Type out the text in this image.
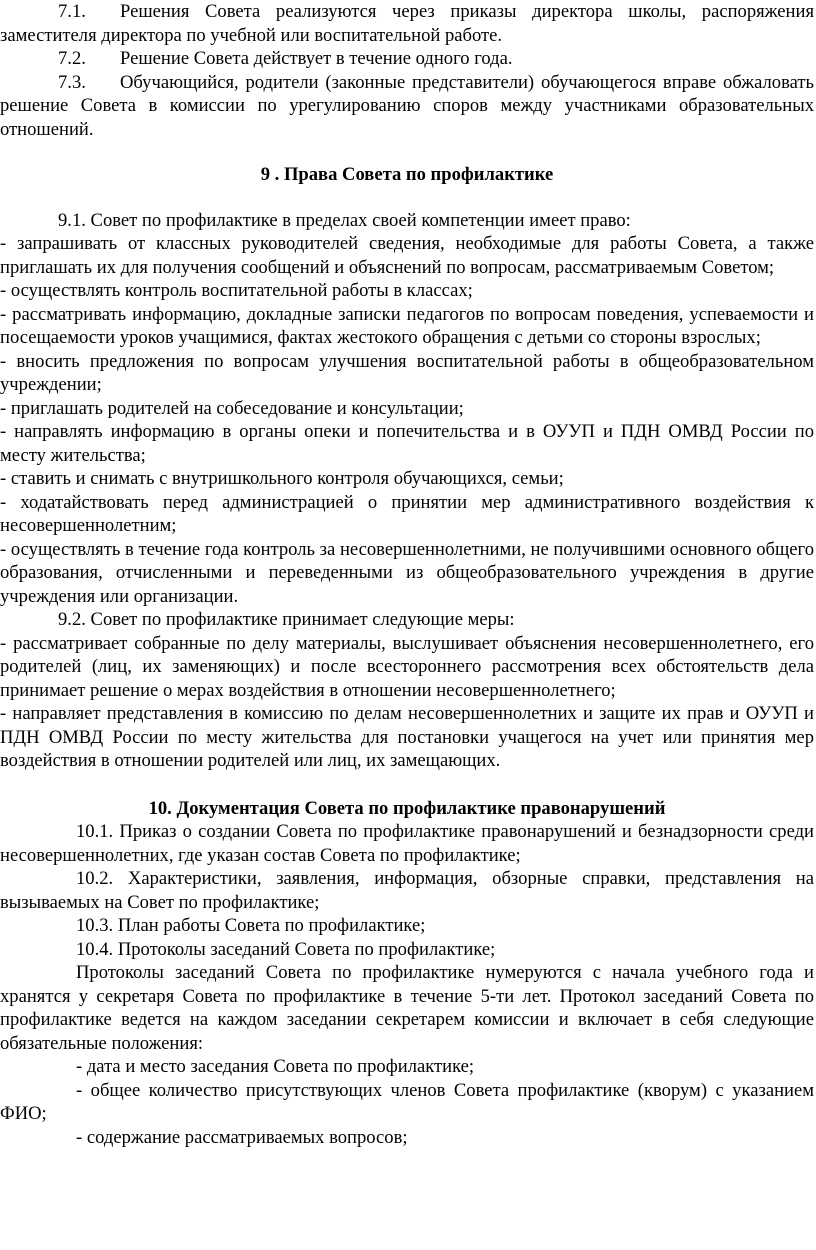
7.1. Решения Совета реализуются через приказы директора школы, распоряжения заместителя директора по учебной или воспитательной работе.

7.2. Решение Совета действует в течение одного года.

7.3. Обучающийся, родители (законные представители) обучающегося вправе обжаловать решение Совета в комиссии по урегулированию споров между участниками образовательных отношений.

9 . Права Совета по профилактике

9.1. Совет по профилактике в пределах своей компетенции имеет право:

- запрашивать от классных руководителей сведения, необходимые для работы Совета, а также приглашать их для получения сообщений и объяснений по вопросам, рассматриваемым Советом;

- осуществлять контроль воспитательной работы в классах;

- рассматривать информацию, докладные записки педагогов по вопросам поведения, успеваемости и посещаемости уроков учащимися, фактах жестокого обращения с детьми со стороны взрослых;

- вносить предложения по вопросам улучшения воспитательной работы в общеобразовательном учреждении;

- приглашать родителей на собеседование и консультации;

- направлять информацию в органы опеки и попечительства и в ОУУП и ПДН ОМВД России по месту жительства;

- ставить и снимать с внутришкольного контроля обучающихся, семьи;

- ходатайствовать перед администрацией о принятии мер административного воздействия к несовершеннолетним;

- осуществлять в течение года контроль за несовершеннолетними, не получившими основного общего образования, отчисленными и переведенными из общеобразовательного учреждения в другие учреждения или организации.

9.2. Совет по профилактике принимает следующие меры:

- рассматривает собранные по делу материалы, выслушивает объяснения несовершеннолетнего, его родителей (лиц, их заменяющих) и после всестороннего рассмотрения всех обстоятельств дела принимает решение о мерах воздействия в отношении несовершеннолетнего;

- направляет представления в комиссию по делам несовершеннолетних и защите их прав и ОУУП и ПДН ОМВД России по месту жительства для постановки учащегося на учет или принятия мер воздействия в отношении родителей или лиц, их замещающих.

10. Документация Совета по профилактике правонарушений

10.1. Приказ о создании Совета по профилактике правонарушений и безнадзорности среди несовершеннолетних, где указан состав Совета по профилактике;

10.2. Характеристики, заявления, информация, обзорные справки, представления на вызываемых на Совет по профилактике;

10.3. План работы Совета по профилактике;

10.4. Протоколы заседаний Совета по профилактике;

Протоколы заседаний Совета по профилактике нумеруются с начала учебного года и хранятся у секретаря Совета по профилактике в течение 5-ти лет. Протокол заседаний Совета по профилактике ведется на каждом заседании секретарем комиссии и включает в себя следующие обязательные положения:

- дата и место заседания Совета по профилактике;

- общее количество присутствующих членов Совета профилактике (кворум) с указанием ФИО;

- содержание рассматриваемых вопросов;
